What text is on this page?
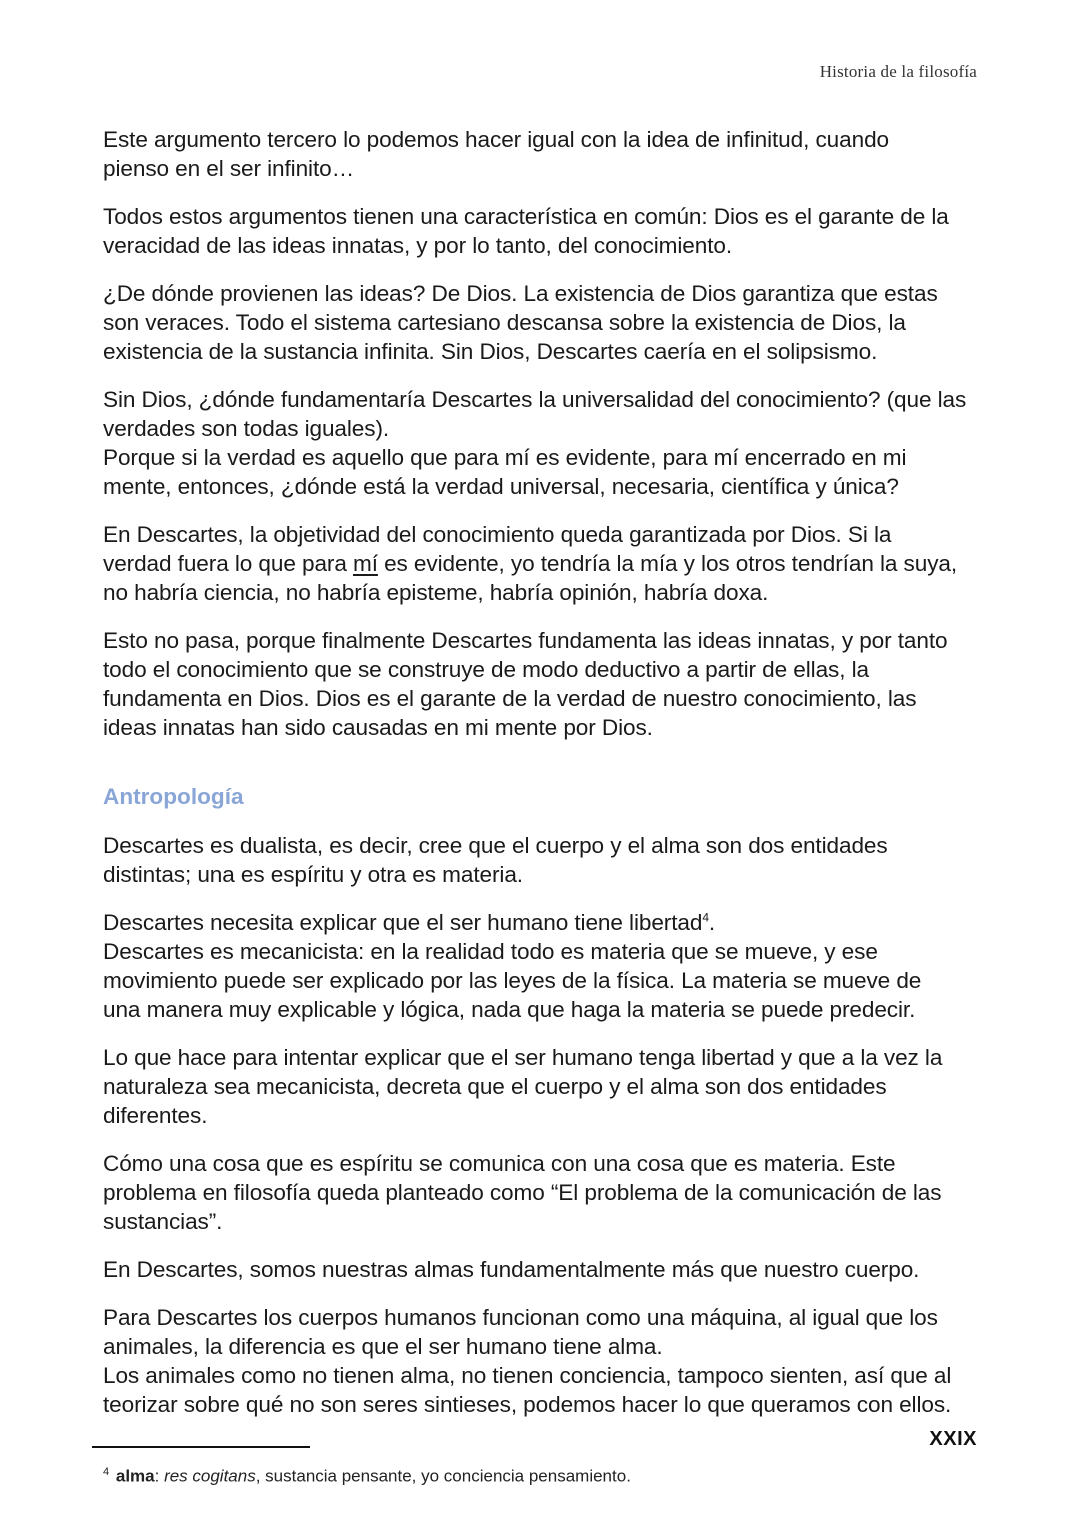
Historia de la filosofía

Este argumento tercero lo podemos hacer igual con la idea de infinitud, cuando
pienso en el ser infinito…

Todos estos argumentos tienen una característica en común: Dios es el garante de la
veracidad de las ideas innatas, y por lo tanto, del conocimiento.

¿De dónde provienen las ideas? De Dios. La existencia de Dios garantiza que estas
son veraces. Todo el sistema cartesiano descansa sobre la existencia de Dios, la
existencia de la sustancia infinita. Sin Dios, Descartes caería en el solipsismo.

Sin Dios, ¿dónde fundamentaría Descartes la universalidad del conocimiento? (que las
verdades son todas iguales).
Porque si la verdad es aquello que para mí es evidente, para mí encerrado en mi
mente, entonces, ¿dónde está la verdad universal, necesaria, científica y única?

En Descartes, la objetividad del conocimiento queda garantizada por Dios. Si la
verdad fuera lo que para mí es evidente, yo tendría la mía y los otros tendrían la suya,
no habría ciencia, no habría episteme, habría opinión, habría doxa.

Esto no pasa, porque finalmente Descartes fundamenta las ideas innatas, y por tanto
todo el conocimiento que se construye de modo deductivo a partir de ellas, la
fundamenta en Dios. Dios es el garante de la verdad de nuestro conocimiento, las
ideas innatas han sido causadas en mi mente por Dios.

Antropología

Descartes es dualista, es decir, cree que el cuerpo y el alma son dos entidades
distintas; una es espíritu y otra es materia.

Descartes necesita explicar que el ser humano tiene libertad$^4$.
Descartes es mecanicista: en la realidad todo es materia que se mueve, y ese
movimiento puede ser explicado por las leyes de la física. La materia se mueve de
una manera muy explicable y lógica, nada que haga la materia se puede predecir.

Lo que hace para intentar explicar que el ser humano tenga libertad y que a la vez la
naturaleza sea mecanicista, decreta que el cuerpo y el alma son dos entidades
diferentes.

Cómo una cosa que es espíritu se comunica con una cosa que es materia. Este
problema en filosofía queda planteado como “El problema de la comunicación de las
sustancias”.

En Descartes, somos nuestras almas fundamentalmente más que nuestro cuerpo.

Para Descartes los cuerpos humanos funcionan como una máquina, al igual que los
animales, la diferencia es que el ser humano tiene alma.
Los animales como no tienen alma, no tienen conciencia, tampoco sienten, así que al
teorizar sobre qué no son seres sintieses, podemos hacer lo que queramos con ellos.

XXIX
$^4$ alma: res cogitans, sustancia pensante, yo conciencia pensamiento.
